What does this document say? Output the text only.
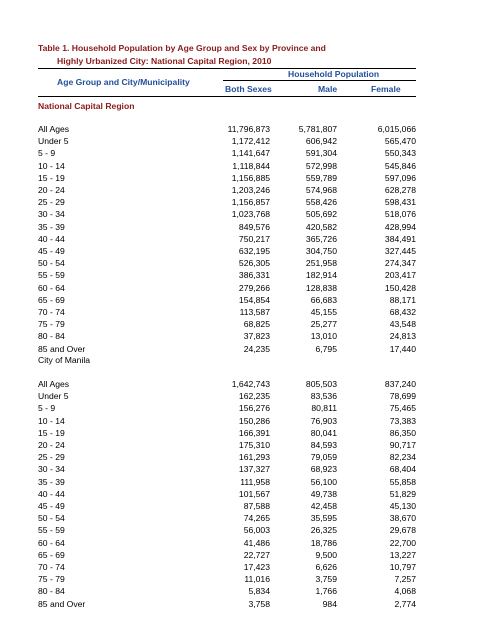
Table 1. Household Population by Age Group and Sex by Province and
Highly Urbanized City: National Capital Region, 2010
Age Group and City/Municipality
Household Population
Both Sexes	Male	Female
National Capital Region
All Ages	11,796,873	5,781,807	6,015,066
Under 5	1,172,412	606,942	565,470
5 - 9	1,141,647	591,304	550,343
10 - 14	1,118,844	572,998	545,846
15 - 19	1,156,885	559,789	597,096
20 - 24	1,203,246	574,968	628,278
25 - 29	1,156,857	558,426	598,431
30 - 34	1,023,768	505,692	518,076
35 - 39	849,576	420,582	428,994
40 - 44	750,217	365,726	384,491
45 - 49	632,195	304,750	327,445
50 - 54	526,305	251,958	274,347
55 - 59	386,331	182,914	203,417
60 - 64	279,266	128,838	150,428
65 - 69	154,854	66,683	88,171
70 - 74	113,587	45,155	68,432
75 - 79	68,825	25,277	43,548
80 - 84	37,823	13,010	24,813
85 and Over	24,235	6,795	17,440
City of Manila
All Ages	1,642,743	805,503	837,240
Under 5	162,235	83,536	78,699
5 - 9	156,276	80,811	75,465
10 - 14	150,286	76,903	73,383
15 - 19	166,391	80,041	86,350
20 - 24	175,310	84,593	90,717
25 - 29	161,293	79,059	82,234
30 - 34	137,327	68,923	68,404
35 - 39	111,958	56,100	55,858
40 - 44	101,567	49,738	51,829
45 - 49	87,588	42,458	45,130
50 - 54	74,265	35,595	38,670
55 - 59	56,003	26,325	29,678
60 - 64	41,486	18,786	22,700
65 - 69	22,727	9,500	13,227
70 - 74	17,423	6,626	10,797
75 - 79	11,016	3,759	7,257
80 - 84	5,834	1,766	4,068
85 and Over	3,758	984	2,774
